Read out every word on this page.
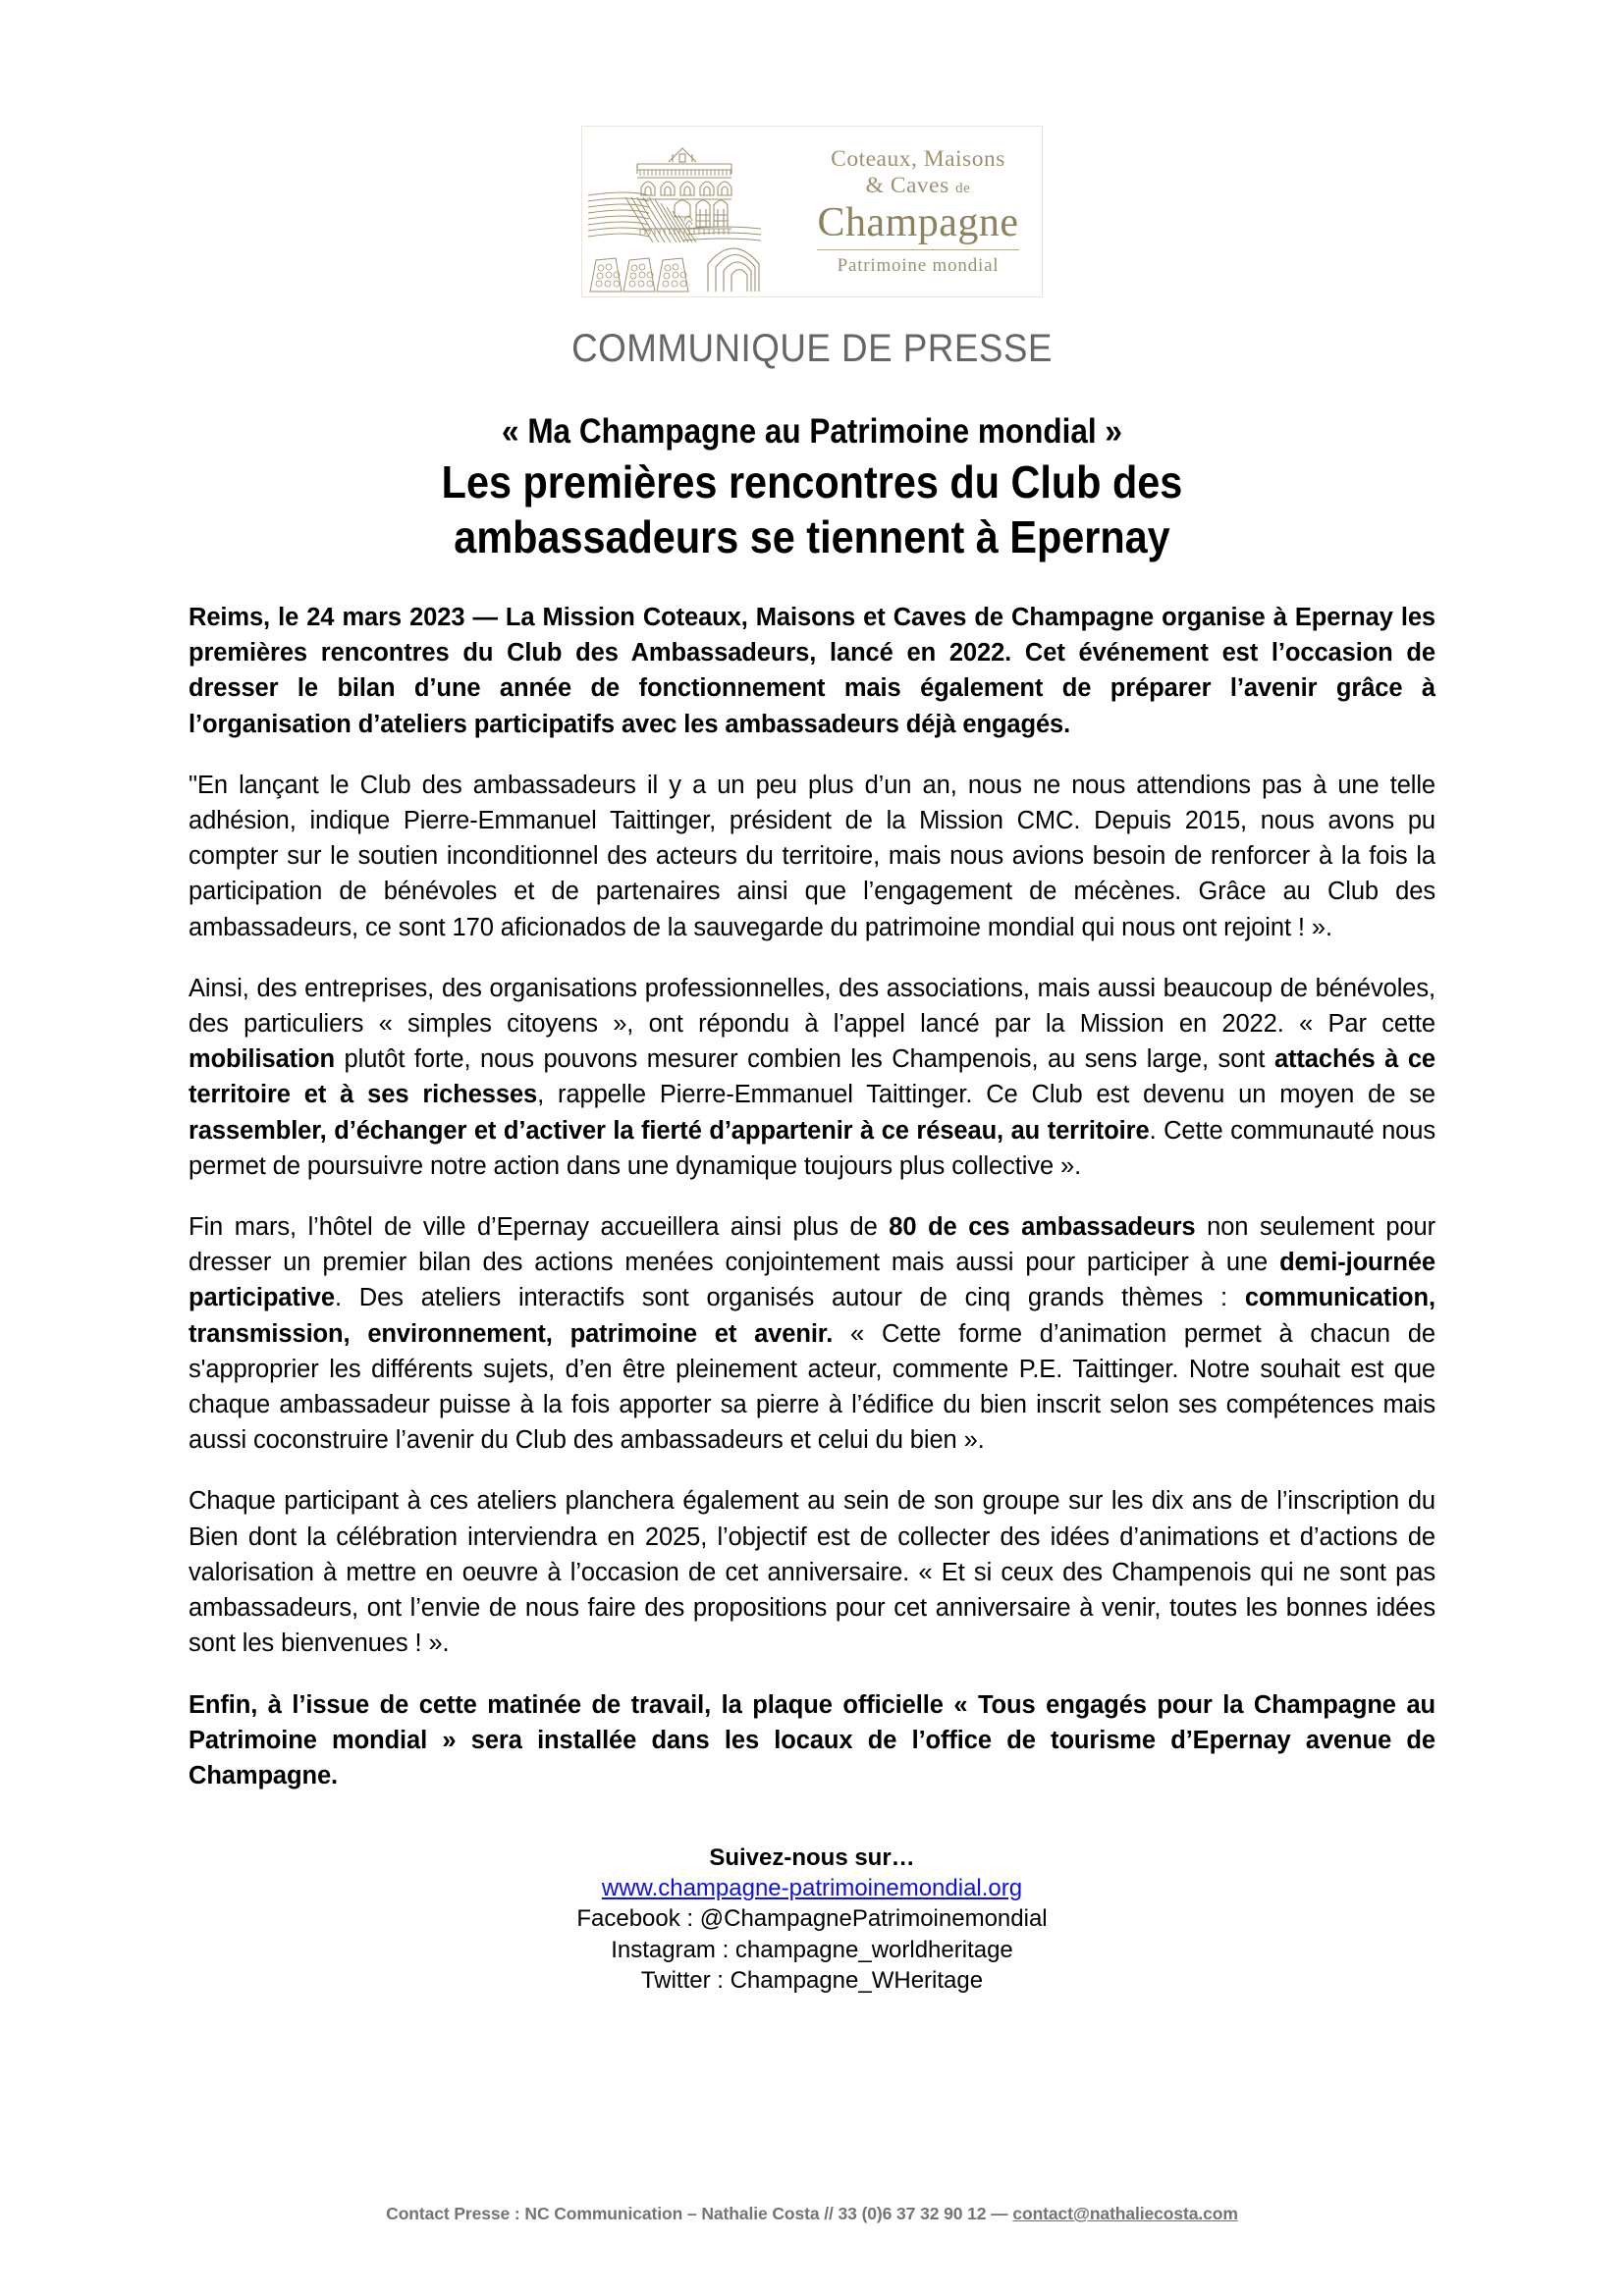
Coteaux, Maisons
& Caves de
Champagne
Patrimoine mondial
COMMUNIQUE DE PRESSE
« Ma Champagne au Patrimoine mondial »
Les premières rencontres du Club des
ambassadeurs se tiennent à Epernay

Reims, le 24 mars 2023 — La Mission Coteaux, Maisons et Caves de Champagne organise à Epernay les premières rencontres du Club des Ambassadeurs, lancé en 2022. Cet événement est l’occasion de dresser le bilan d’une année de fonctionnement mais également de préparer l’avenir grâce à l’organisation d’ateliers participatifs avec les ambassadeurs déjà engagés.

"En lançant le Club des ambassadeurs il y a un peu plus d’un an, nous ne nous attendions pas à une telle adhésion, indique Pierre-Emmanuel Taittinger, président de la Mission CMC. Depuis 2015, nous avons pu compter sur le soutien inconditionnel des acteurs du territoire, mais nous avions besoin de renforcer à la fois la participation de bénévoles et de partenaires ainsi que l’engagement de mécènes. Grâce au Club des ambassadeurs, ce sont 170 aficionados de la sauvegarde du patrimoine mondial qui nous ont rejoint ! ».

Ainsi, des entreprises, des organisations professionnelles, des associations, mais aussi beaucoup de bénévoles, des particuliers « simples citoyens », ont répondu à l’appel lancé par la Mission en 2022. « Par cette mobilisation plutôt forte, nous pouvons mesurer combien les Champenois, au sens large, sont attachés à ce territoire et à ses richesses, rappelle Pierre-Emmanuel Taittinger. Ce Club est devenu un moyen de se rassembler, d’échanger et d’activer la fierté d’appartenir à ce réseau, au territoire. Cette communauté nous permet de poursuivre notre action dans une dynamique toujours plus collective ».

Fin mars, l’hôtel de ville d’Epernay accueillera ainsi plus de 80 de ces ambassadeurs non seulement pour dresser un premier bilan des actions menées conjointement mais aussi pour participer à une demi-journée participative. Des ateliers interactifs sont organisés autour de cinq grands thèmes : communication, transmission, environnement, patrimoine et avenir. « Cette forme d’animation permet à chacun de s'approprier les différents sujets, d’en être pleinement acteur, commente P.E. Taittinger. Notre souhait est que chaque ambassadeur puisse à la fois apporter sa pierre à l’édifice du bien inscrit selon ses compétences mais aussi coconstruire l’avenir du Club des ambassadeurs et celui du bien ».

Chaque participant à ces ateliers planchera également au sein de son groupe sur les dix ans de l’inscription du Bien dont la célébration interviendra en 2025, l’objectif est de collecter des idées d’animations et d’actions de valorisation à mettre en oeuvre à l’occasion de cet anniversaire. « Et si ceux des Champenois qui ne sont pas ambassadeurs, ont l’envie de nous faire des propositions pour cet anniversaire à venir, toutes les bonnes idées sont les bienvenues ! ».

Enfin, à l’issue de cette matinée de travail, la plaque officielle « Tous engagés pour la Champagne au Patrimoine mondial » sera installée dans les locaux de l’office de tourisme d’Epernay avenue de Champagne.

Suivez-nous sur…
www.champagne-patrimoinemondial.org
Facebook : @ChampagnePatrimoinemondial
Instagram : champagne_worldheritage
Twitter : Champagne_WHeritage
Contact Presse : NC Communication – Nathalie Costa // 33 (0)6 37 32 90 12 — contact@nathaliecosta.com
